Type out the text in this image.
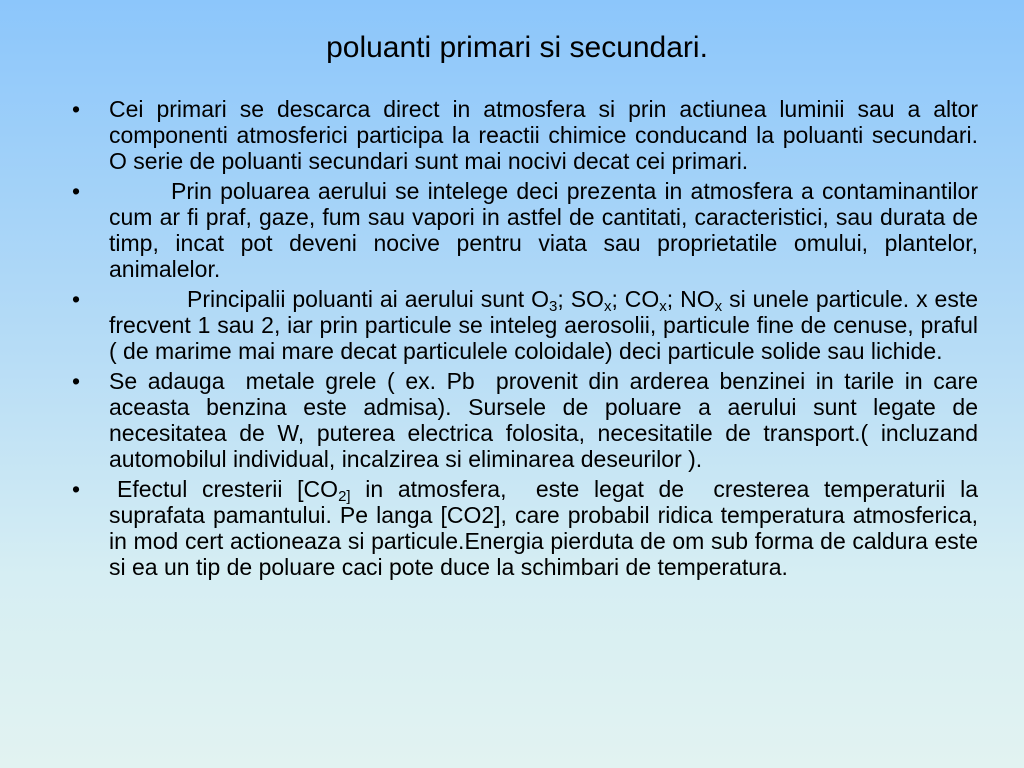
poluanti primari si secundari.
•	Cei primari se descarca direct in atmosfera si prin actiunea luminii sau a altor componenti atmosferici participa la reactii chimice conducand la poluanti secundari. O serie de poluanti secundari sunt mai nocivi decat cei primari.
•	Prin poluarea aerului se intelege deci prezenta in atmosfera a contaminantilor cum ar fi praf, gaze, fum sau vapori in astfel de cantitati, caracteristici, sau durata de timp, incat pot deveni nocive pentru viata sau proprietatile omului, plantelor, animalelor.
•	Principalii poluanti ai aerului sunt $O_3$; $SO_x$; $CO_x$; $NO_x$ si unele particule. x este frecvent 1 sau 2, iar prin particule se inteleg aerosolii, particule fine de cenuse, praful ( de marime mai mare decat particulele coloidale) deci particule solide sau lichide.
•	Se adauga  metale grele ( ex. Pb  provenit din arderea benzinei in tarile in care aceasta benzina este admisa). Sursele de poluare a aerului sunt legate de necesitatea de W, puterea electrica folosita, necesitatile de transport.( incluzand automobilul individual, incalzirea si eliminarea deseurilor ).
•	Efectul cresterii [$CO_{2]}$ in atmosfera,  este legat de  cresterea temperaturii la suprafata pamantului. Pe langa [CO2], care probabil ridica temperatura atmosferica, in mod cert actioneaza si particule.Energia pierduta de om sub forma de caldura este si ea un tip de poluare caci pote duce la schimbari de temperatura.
